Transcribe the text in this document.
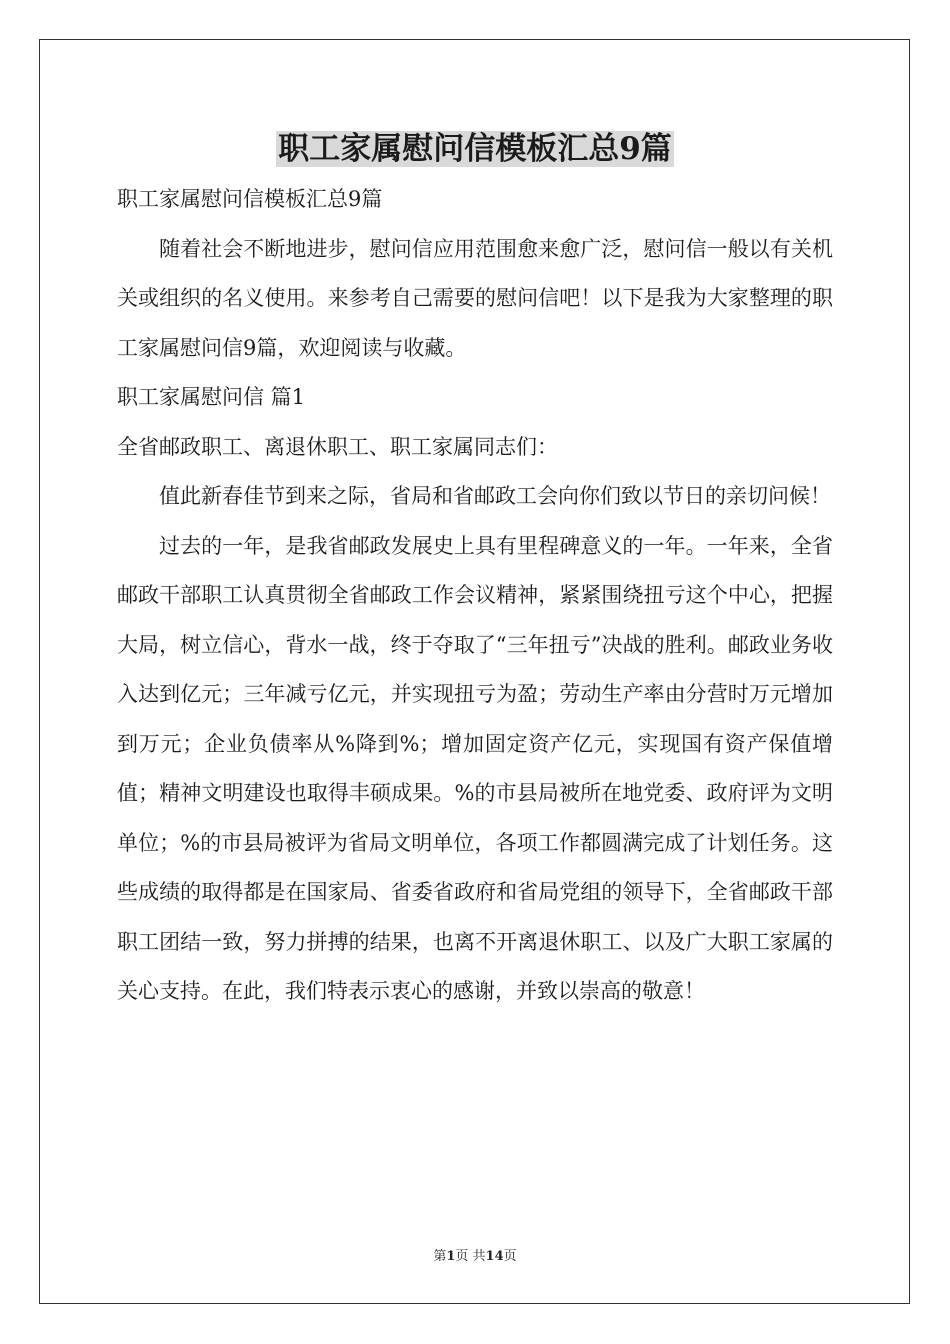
职工家属慰问信模板汇总9篇

职工家属慰问信模板汇总9篇

随着社会不断地进步，慰问信应用范围愈来愈广泛，慰问信一般以有关机关或组织的名义使用。来参考自己需要的慰问信吧！以下是我为大家整理的职工家属慰问信9篇，欢迎阅读与收藏。

职工家属慰问信 篇1

全省邮政职工、离退休职工、职工家属同志们：

值此新春佳节到来之际，省局和省邮政工会向你们致以节日的亲切问候！

过去的一年，是我省邮政发展史上具有里程碑意义的一年。一年来，全省邮政干部职工认真贯彻全省邮政工作会议精神，紧紧围绕扭亏这个中心，把握大局，树立信心，背水一战，终于夺取了“三年扭亏”决战的胜利。邮政业务收入达到亿元；三年减亏亿元，并实现扭亏为盈；劳动生产率由分营时万元增加到万元；企业负债率从%降到%；增加固定资产亿元，实现国有资产保值增值；精神文明建设也取得丰硕成果。%的市县局被所在地党委、政府评为文明单位；%的市县局被评为省局文明单位，各项工作都圆满完成了计划任务。这些成绩的取得都是在国家局、省委省政府和省局党组的领导下，全省邮政干部职工团结一致，努力拼搏的结果，也离不开离退休职工、以及广大职工家属的关心支持。在此，我们特表示衷心的感谢，并致以崇高的敬意！

第1页 共14页
